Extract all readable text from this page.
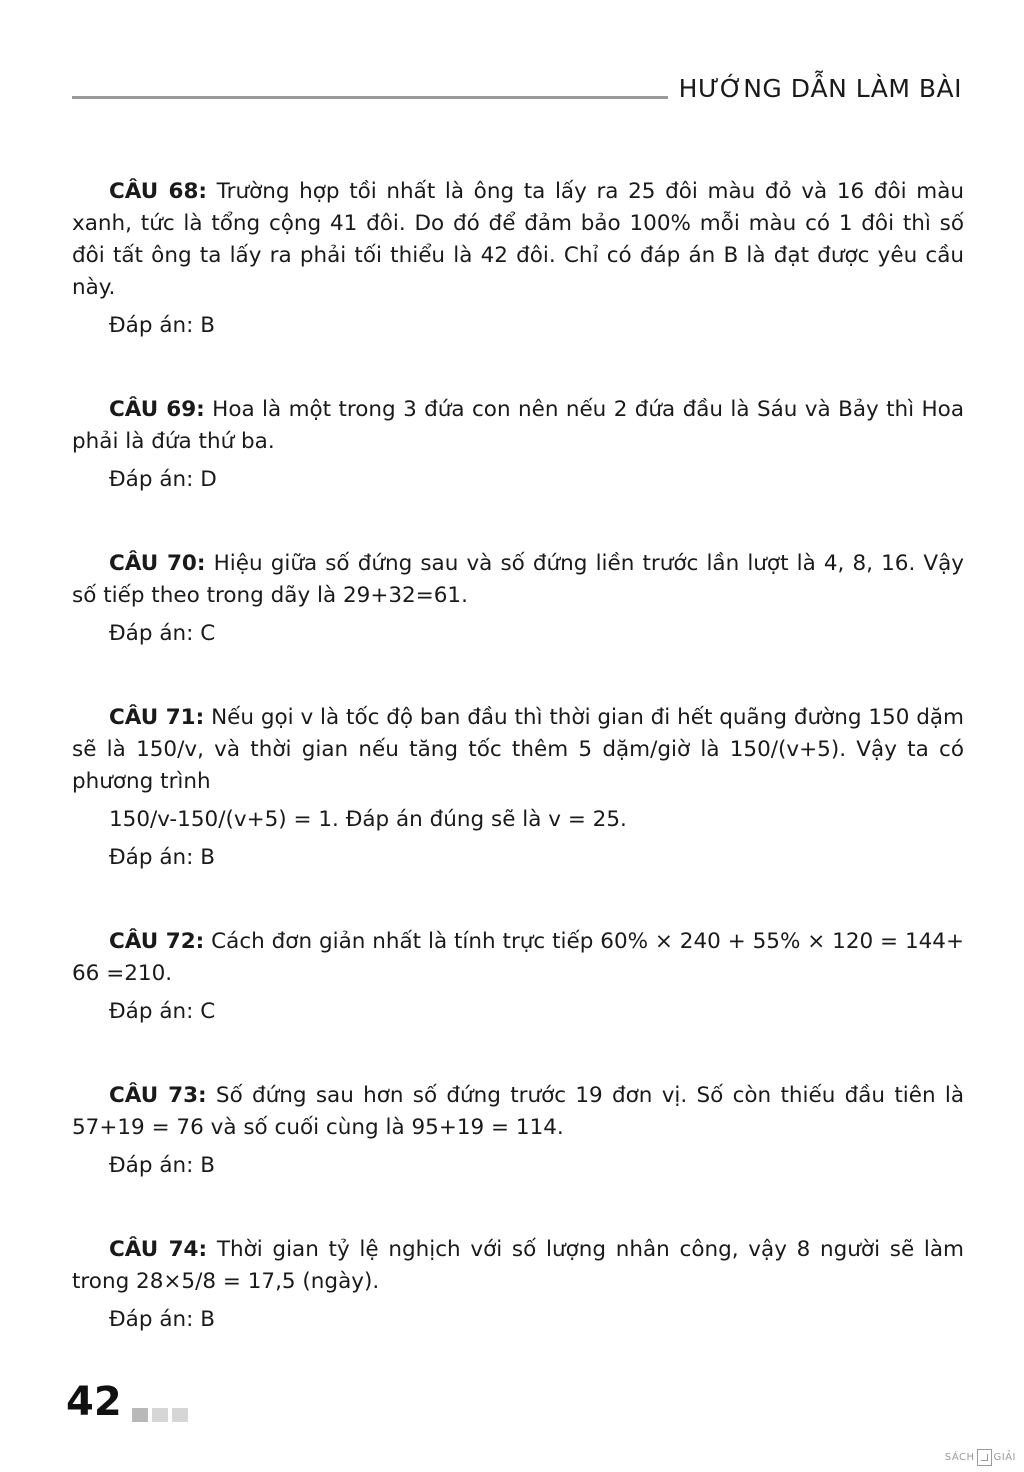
HƯỚNG DẪN LÀM BÀI

CÂU 68: Trường hợp tồi nhất là ông ta lấy ra 25 đôi màu đỏ và 16 đôi màu xanh, tức là tổng cộng 41 đôi. Do đó để đảm bảo 100% mỗi màu có 1 đôi thì số đôi tất ông ta lấy ra phải tối thiểu là 42 đôi. Chỉ có đáp án B là đạt được yêu cầu này.

Đáp án: B

CÂU 69: Hoa là một trong 3 đứa con nên nếu 2 đứa đầu là Sáu và Bảy thì Hoa phải là đứa thứ ba.

Đáp án: D

CÂU 70: Hiệu giữa số đứng sau và số đứng liền trước lần lượt là 4, 8, 16. Vậy số tiếp theo trong dãy là 29+32=61.

Đáp án: C

CÂU 71: Nếu gọi v là tốc độ ban đầu thì thời gian đi hết quãng đường 150 dặm sẽ là 150/v, và thời gian nếu tăng tốc thêm 5 dặm/giờ là 150/(v+5). Vậy ta có phương trình

150/v-150/(v+5) = 1. Đáp án đúng sẽ là v = 25.
Đáp án: B

CÂU 72: Cách đơn giản nhất là tính trực tiếp 60% × 240 + 55% × 120 = 144+ 66 =210.

Đáp án: C

CÂU 73: Số đứng sau hơn số đứng trước 19 đơn vị. Số còn thiếu đầu tiên là 57+19 = 76 và số cuối cùng là 95+19 = 114.

Đáp án: B

CÂU 74: Thời gian tỷ lệ nghịch với số lượng nhân công, vậy 8 người sẽ làm trong 28×5/8 = 17,5 (ngày).

Đáp án: B
42
SÁCH GIẢI
